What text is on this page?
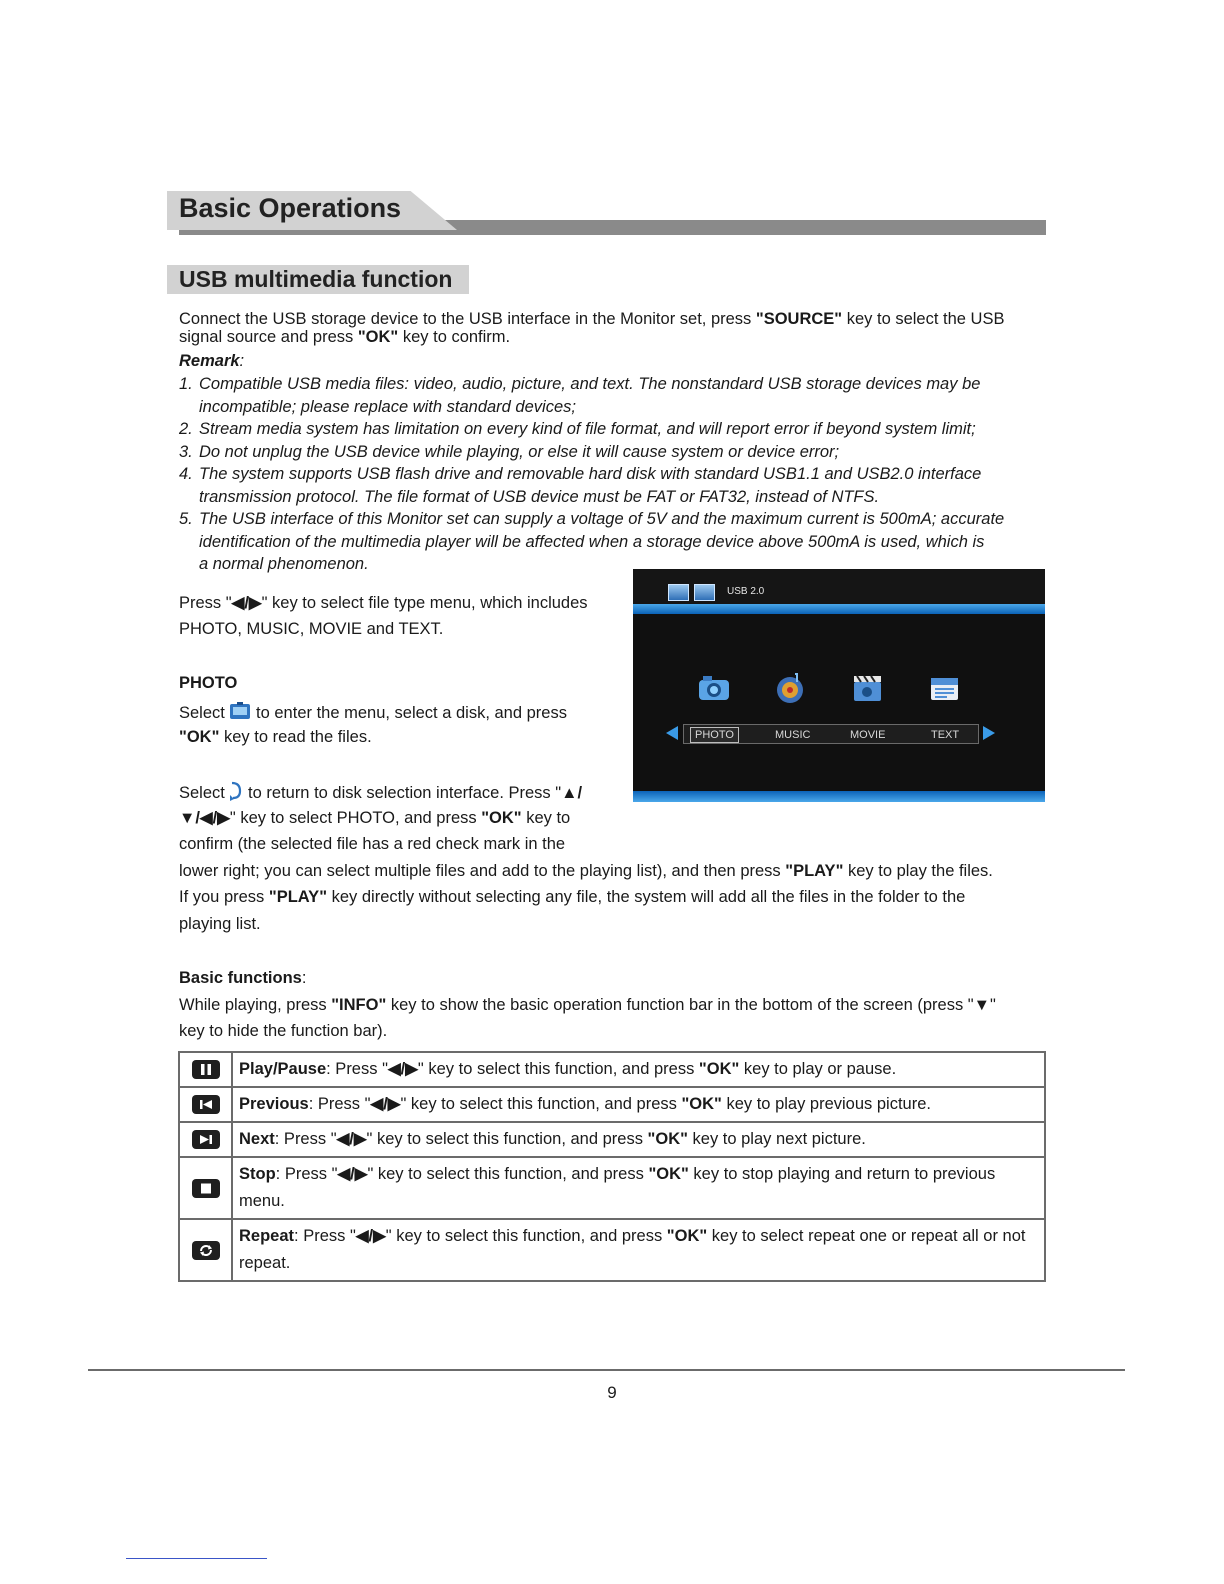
Basic Operations
USB multimedia function
Connect the USB storage device to the USB interface in the Monitor set, press "SOURCE" key to select the USB signal source and press "OK" key to confirm.
Remark:
1. Compatible USB media files: video, audio, picture, and text. The nonstandard USB storage devices may be
incompatible; please replace with standard devices;
2. Stream media system has limitation on every kind of file format, and will report error if beyond system limit;
3. Do not unplug the USB device while playing, or else it will cause system or device error;
4. The system supports USB flash drive and removable hard disk with standard USB1.1 and USB2.0 interface
transmission protocol. The file format of USB device must be FAT or FAT32, instead of NTFS.
5. The USB interface of this Monitor set can supply a voltage of 5V and the maximum current is 500mA; accurate
identification of the multimedia player will be affected when a storage device above 500mA is used, which is
a normal phenomenon.
Press "◀/▶" key to select file type menu, which includes
PHOTO, MUSIC, MOVIE and TEXT.
PHOTO
Select  to enter the menu, select a disk, and press
"OK" key to read the files.
Select  to return to disk selection interface. Press "▲/
▼/◀/▶" key to select PHOTO, and press "OK" key to
confirm (the selected file has a red check mark in the
lower right; you can select multiple files and add to the playing list), and then press "PLAY" key to play the files.
If you press "PLAY" key directly without selecting any file, the system will add all the files in the folder to the
playing list.
Basic functions:
While playing, press "INFO" key to show the basic operation function bar in the bottom of the screen (press "▼"
key to hide the function bar).
USB 2.0
PHOTO	MUSIC	MOVIE	TEXT
	Play/Pause: Press "◀/▶" key to select this function, and press "OK" key to play or pause.

	Previous: Press "◀/▶" key to select this function, and press "OK" key to play previous picture.

	Next: Press "◀/▶" key to select this function, and press "OK" key to play next picture.

	Stop: Press "◀/▶" key to select this function, and press "OK" key to stop playing and return to previous menu.

	Repeat: Press "◀/▶" key to select this function, and press "OK" key to select repeat one or repeat all or not repeat.
9
